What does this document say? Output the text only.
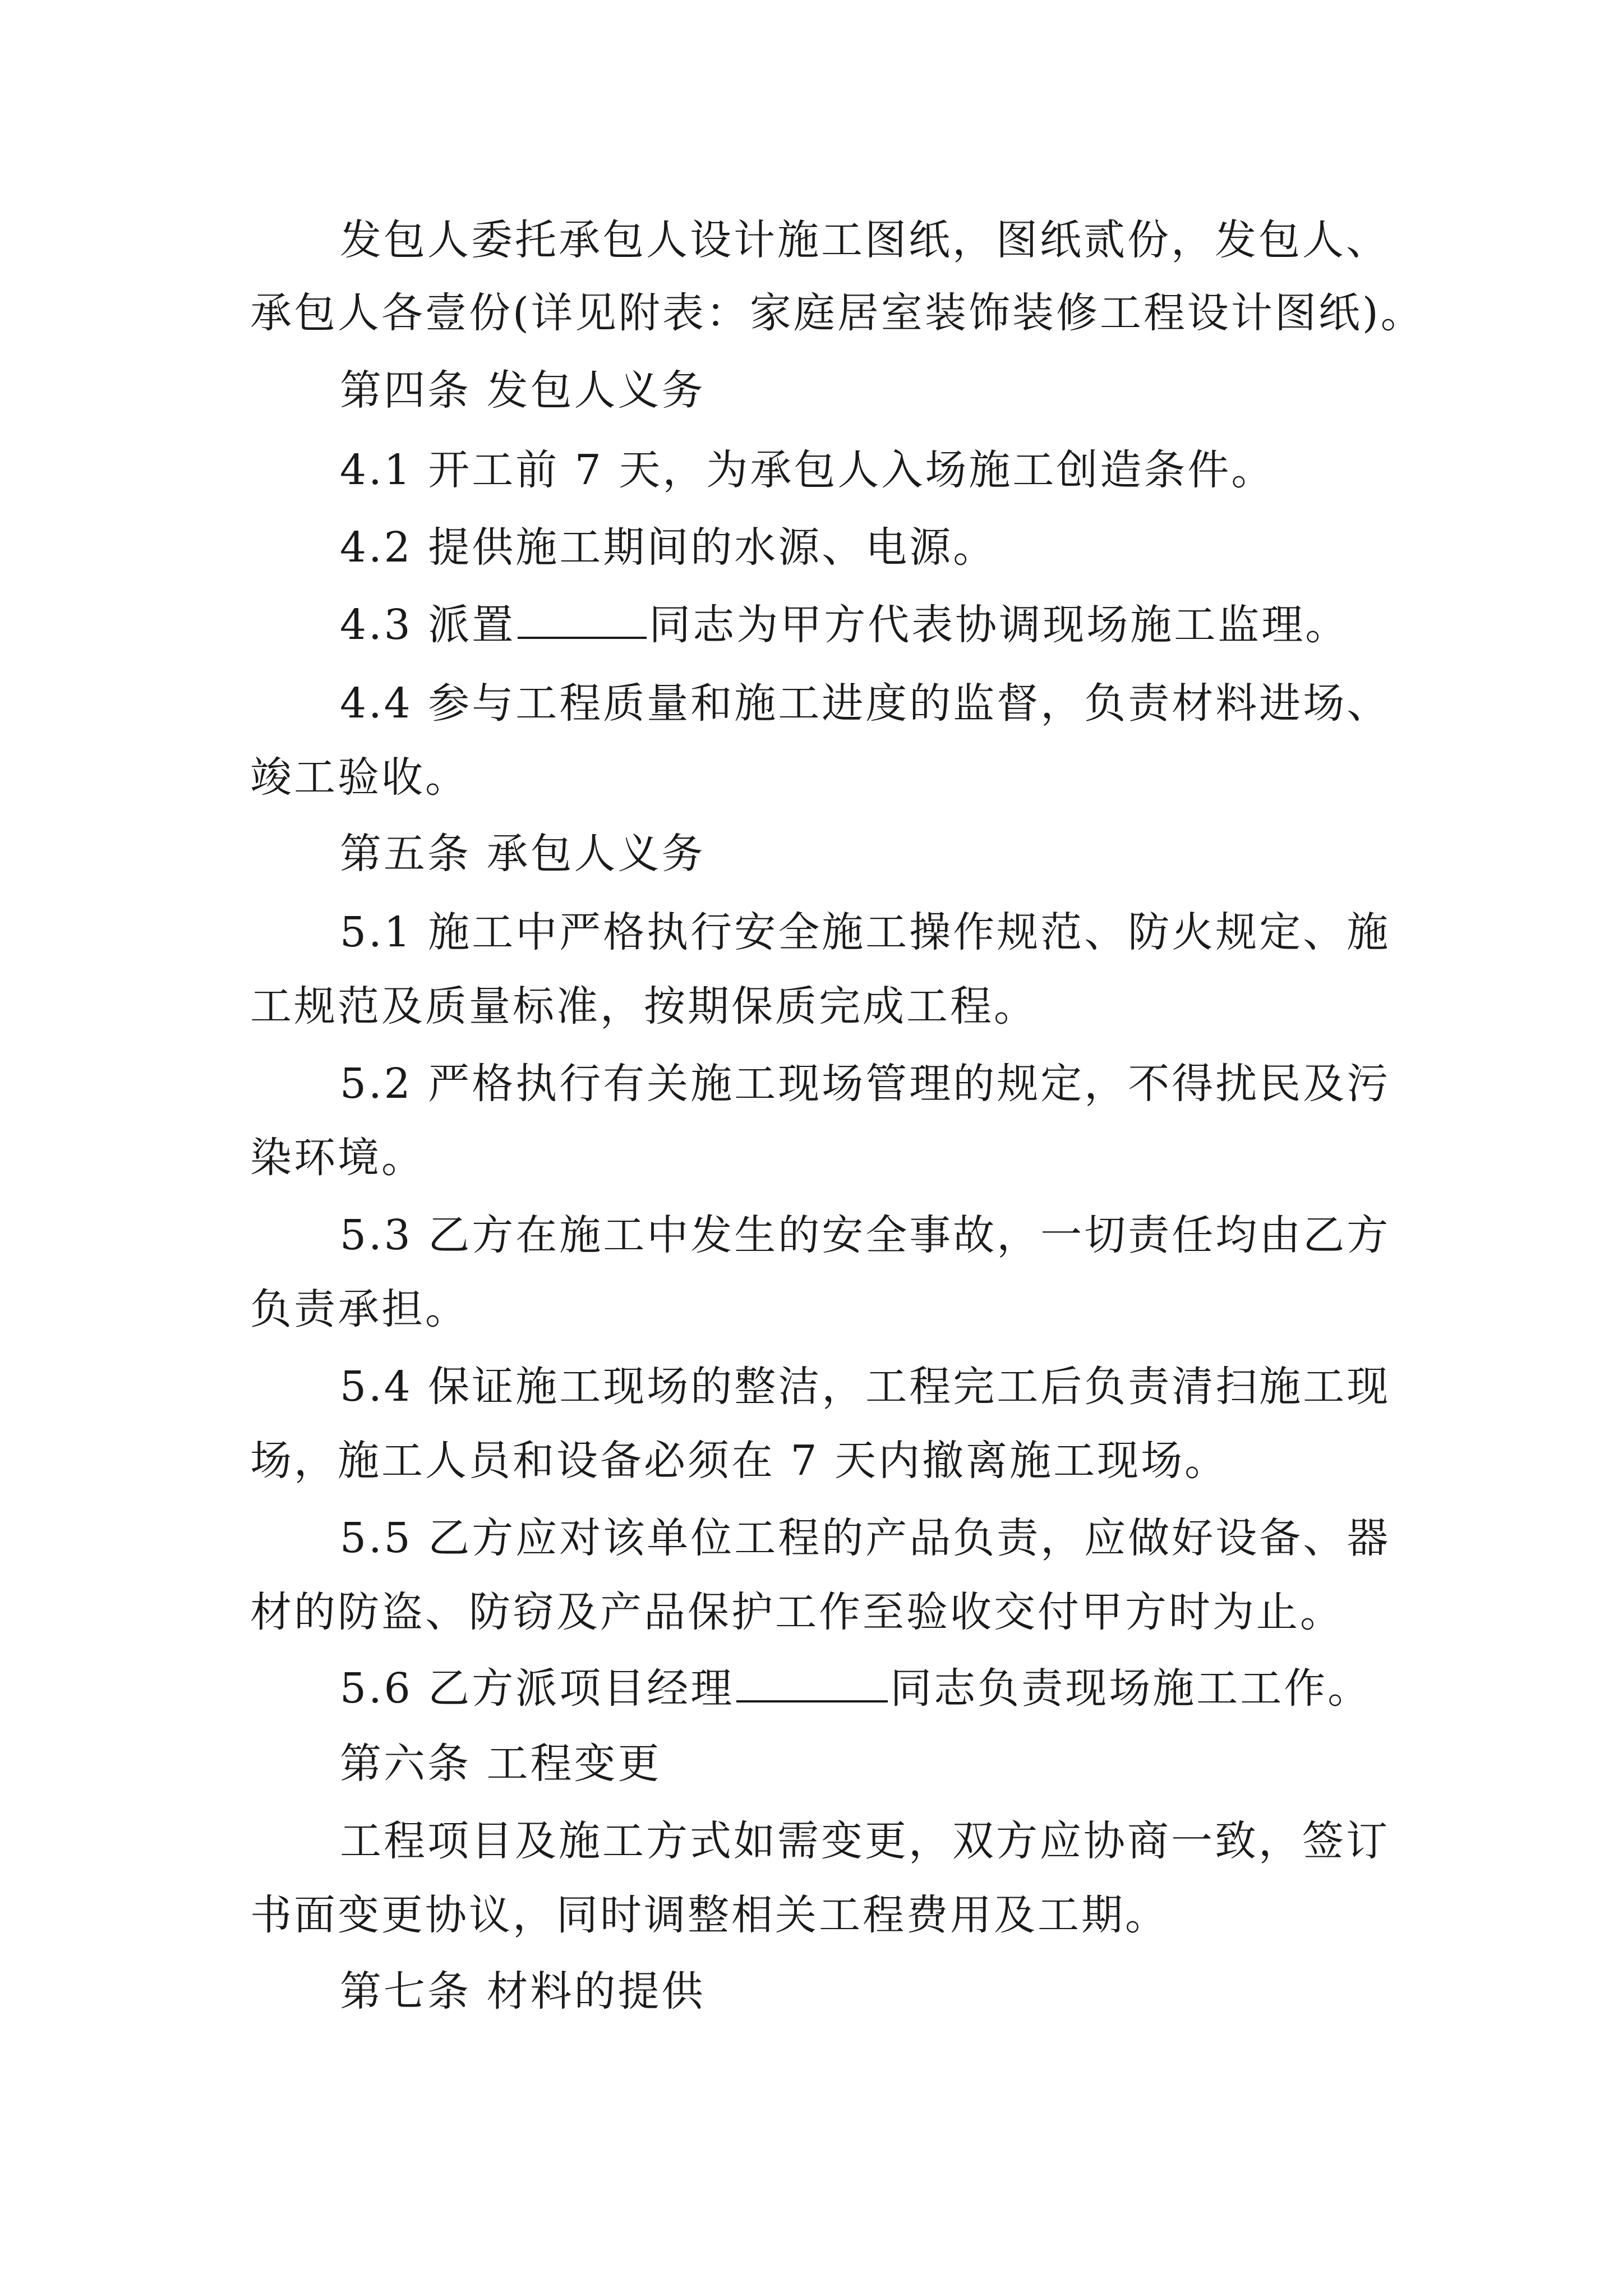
发包人委托承包人设计施工图纸，图纸贰份，发包人、
承包人各壹份(详见附表：家庭居室装饰装修工程设计图纸)。
第四条 发包人义务
4.1 开工前 7 天，为承包人入场施工创造条件。
4.2 提供施工期间的水源、电源。
4.3 派置	同志为甲方代表协调现场施工监理。
4.4 参与工程质量和施工进度的监督，负责材料进场、
竣工验收。
第五条 承包人义务
5.1 施工中严格执行安全施工操作规范、防火规定、施
工规范及质量标准，按期保质完成工程。
5.2 严格执行有关施工现场管理的规定，不得扰民及污
染环境。
5.3 乙方在施工中发生的安全事故，一切责任均由乙方
负责承担。
5.4 保证施工现场的整洁，工程完工后负责清扫施工现
场，施工人员和设备必须在 7 天内撤离施工现场。
5.5 乙方应对该单位工程的产品负责，应做好设备、器
材的防盗、防窃及产品保护工作至验收交付甲方时为止。
5.6 乙方派项目经理	同志负责现场施工工作。
第六条 工程变更
工程项目及施工方式如需变更，双方应协商一致，签订
书面变更协议，同时调整相关工程费用及工期。
第七条 材料的提供
